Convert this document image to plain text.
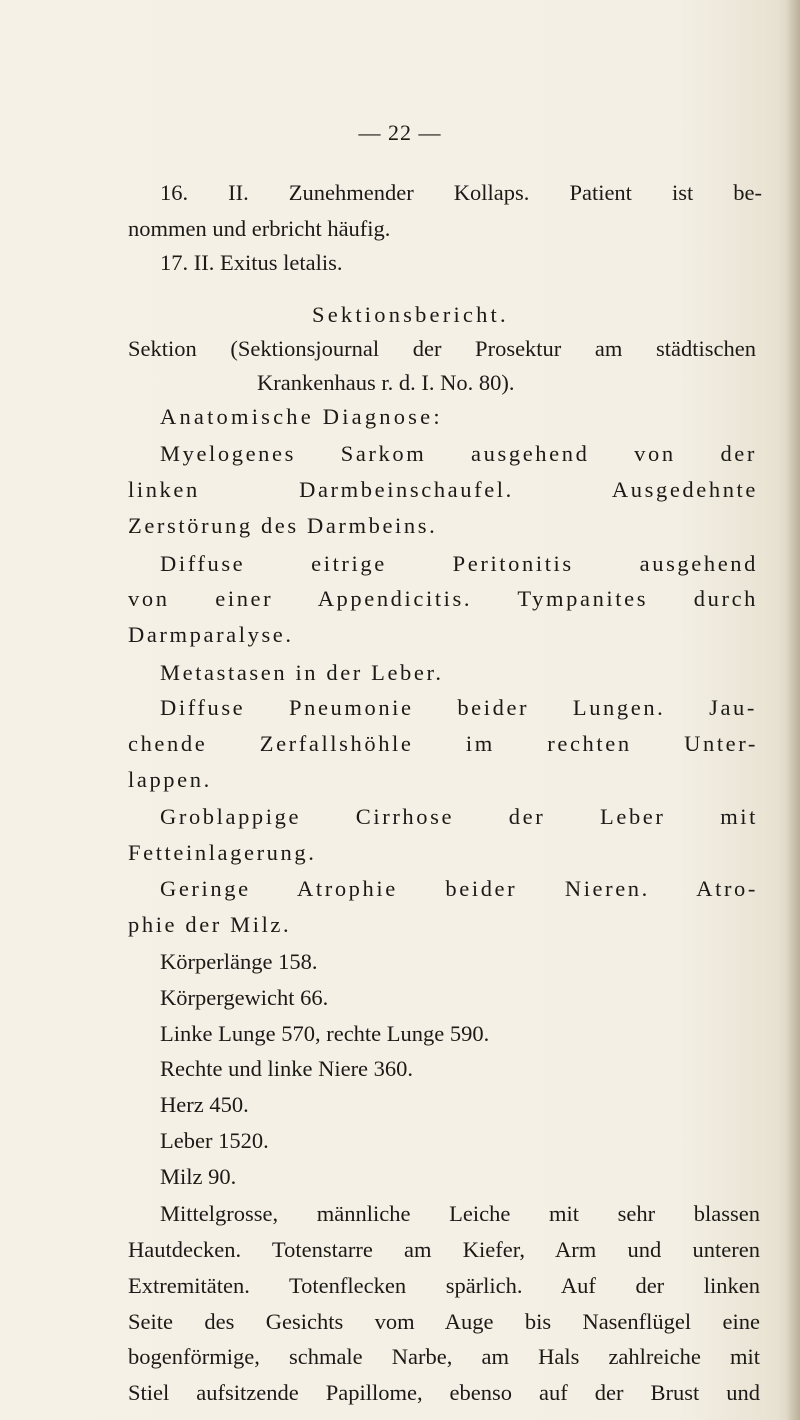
— 22 —
16. II. Zunehmender Kollaps. Patient ist be-
nommen und erbricht häufig.
17. II. Exitus letalis.
Sektionsbericht.
Sektion (Sektionsjournal der Prosektur am städtischen
Krankenhaus r. d. I. No. 80).
Anatomische Diagnose:
Myelogenes Sarkom ausgehend von der
linken Darmbeinschaufel. Ausgedehnte
Zerstörung des Darmbeins.
Diffuse eitrige Peritonitis ausgehend
von einer Appendicitis. Tympanites durch
Darmparalyse.
Metastasen in der Leber.
Diffuse Pneumonie beider Lungen. Jau-
chende Zerfallshöhle im rechten Unter-
lappen.
Groblappige Cirrhose der Leber mit
Fetteinlagerung.
Geringe Atrophie beider Nieren. Atro-
phie der Milz.
Körperlänge 158.
Körpergewicht 66.
Linke Lunge 570, rechte Lunge 590.
Rechte und linke Niere 360.
Herz 450.
Leber 1520.
Milz 90.
Mittelgrosse, männliche Leiche mit sehr blassen
Hautdecken. Totenstarre am Kiefer, Arm und unteren
Extremitäten. Totenflecken spärlich. Auf der linken
Seite des Gesichts vom Auge bis Nasenflügel eine
bogenförmige, schmale Narbe, am Hals zahlreiche mit
Stiel aufsitzende Papillome, ebenso auf der Brust und
